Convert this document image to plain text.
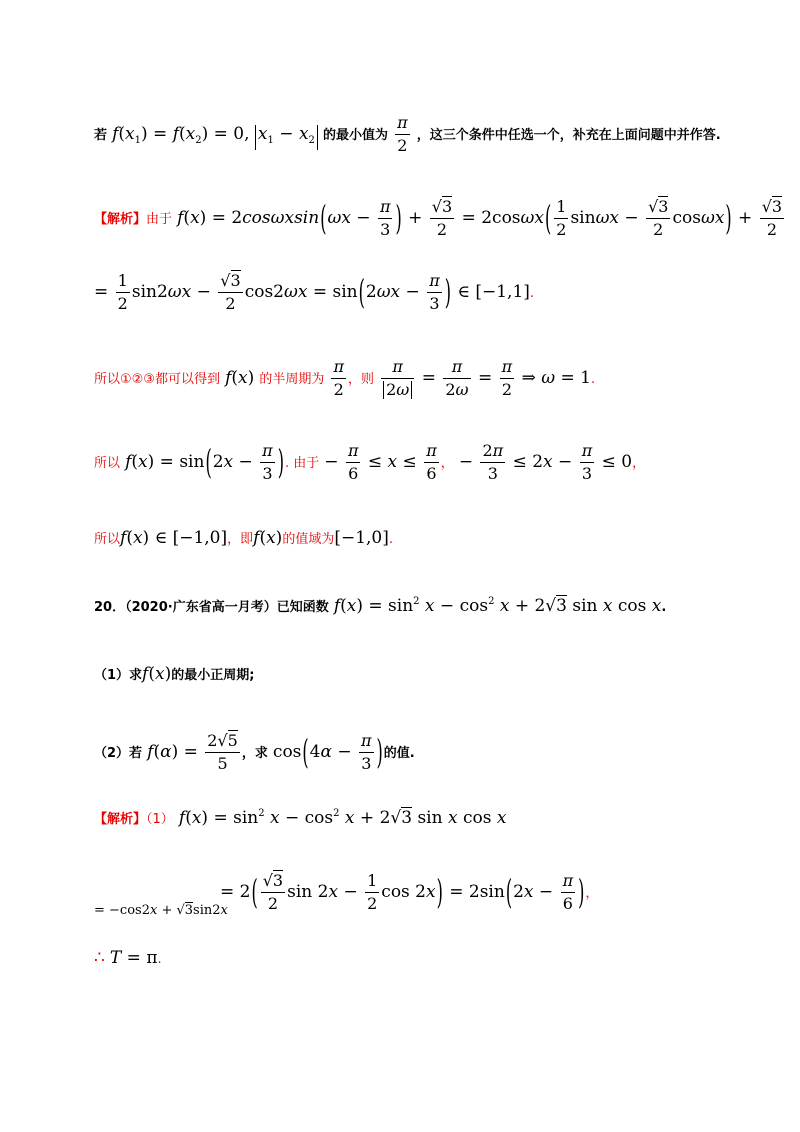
若 $f(x_1) = f(x_2) = 0$, $x_1 - x_2$ 的最小值为 $\frac{\pi}{2}$ ，这三个条件中任选一个，补充在上面问题中并作答.
【解析】由于 $f(x) = 2\cos\omega xsin(\omega x - \frac{\pi}{3}$ ) + $\frac{√3}{2} = 2\cos\omega x( \frac{1}{2}$ $\sin\omega x - \frac{√3}{2} \cos\omega x) + \frac{√3}{2}$
= $\frac{1}{2} \sin 2\omega x - \frac{√3}{2} \cos 2\omega x = \sin(2\omega x - \frac{\pi}{3}$ ) ∈ [−1,1].
所以①②③都可以得到 f(x) 的半周期为 $\frac{\pi}{2}$ ，则 $\frac{\pi}{2\omega} = \frac{\pi}{2\omega} = \frac{\pi}{2}$ ⇒ ω = 1.
所以 $f(x) = \sin(2x - \frac{\pi}{3}$ ). 由于 − $\frac{\pi}{6} \le x \le \frac{\pi}{6}$ ， − $\frac{2\pi}{3} \le 2x - \frac{\pi}{3} \le 0$，
所以f(x) ∈ [−1,0]，即f(x)的值域为[−1,0].
20．（2020·广东省高一月考）已知函数 $f(x) = \sin^2 x - \cos^2 x + 2√3$ sin x cos x.
（1）求f(x)的最小正周期;
（2）若 $f(\alpha) = \frac{2√5}{5}$ ，求 $\cos(4\alpha - \frac{\pi}{3}$ )的值.
【解析】（1） $f(x) = \sin^2 x - \cos^2 x + 2√3$ sin x cos x
= −cos2x + √3sin2x
= $2( \frac{√3}{2}$ $\sin 2x - \frac{1}{2}$ $\cos 2x) = 2\sin(2x - \frac{\pi}{6}$ )，
∴ T = π.
